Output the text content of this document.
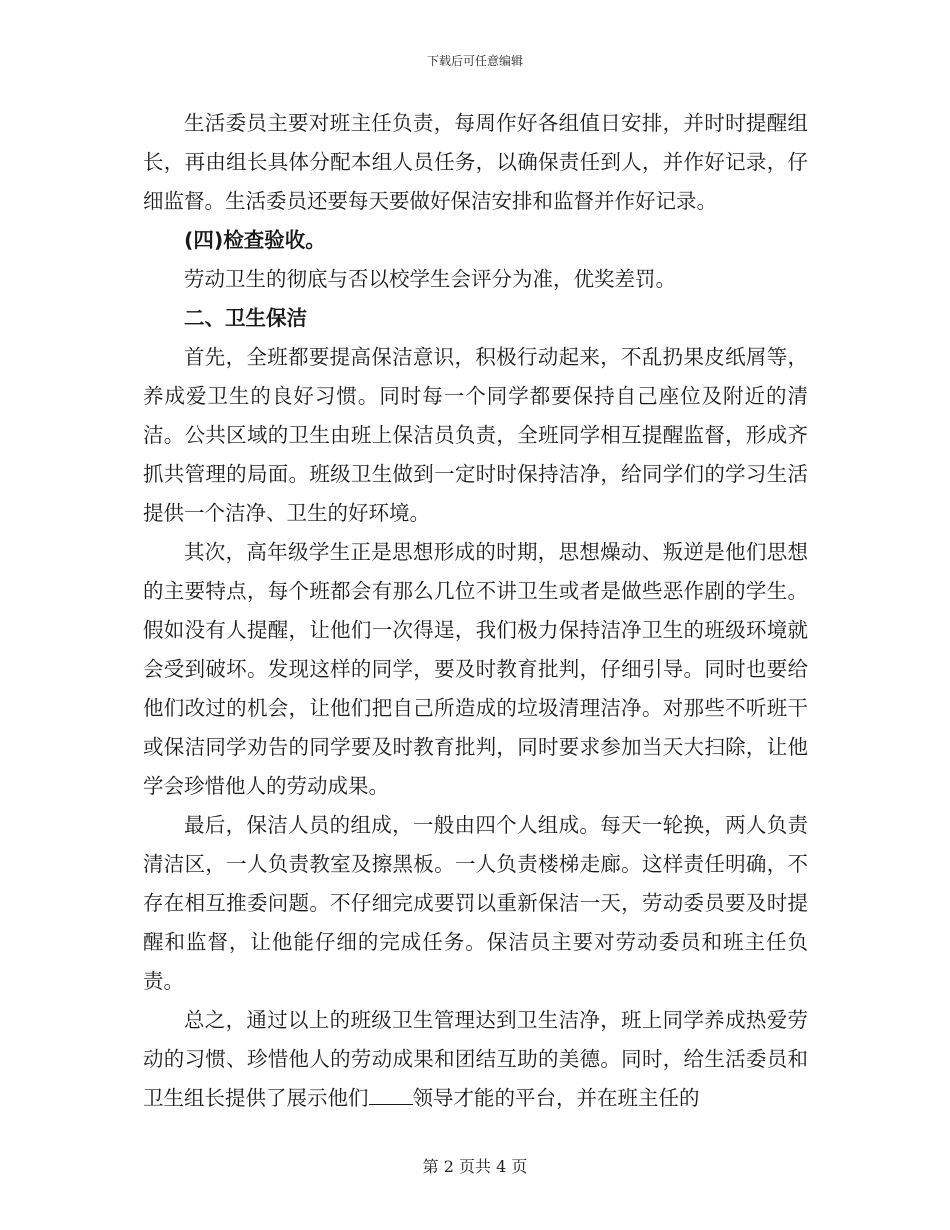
下载后可任意编辑

生活委员主要对班主任负责，每周作好各组值日安排，并时时提醒组长，再由组长具体分配本组人员任务，以确保责任到人，并作好记录，仔细监督。生活委员还要每天要做好保洁安排和监督并作好记录。

(四)检查验收。

劳动卫生的彻底与否以校学生会评分为准，优奖差罚。

二、卫生保洁

首先，全班都要提高保洁意识，积极行动起来，不乱扔果皮纸屑等，养成爱卫生的良好习惯。同时每一个同学都要保持自己座位及附近的清洁。公共区域的卫生由班上保洁员负责，全班同学相互提醒监督，形成齐抓共管理的局面。班级卫生做到一定时时保持洁净，给同学们的学习生活提供一个洁净、卫生的好环境。

其次，高年级学生正是思想形成的时期，思想燥动、叛逆是他们思想的主要特点，每个班都会有那么几位不讲卫生或者是做些恶作剧的学生。假如没有人提醒，让他们一次得逞，我们极力保持洁净卫生的班级环境就会受到破坏。发现这样的同学，要及时教育批判，仔细引导。同时也要给他们改过的机会，让他们把自己所造成的垃圾清理洁净。对那些不听班干或保洁同学劝告的同学要及时教育批判，同时要求参加当天大扫除，让他学会珍惜他人的劳动成果。

最后，保洁人员的组成，一般由四个人组成。每天一轮换，两人负责清洁区，一人负责教室及擦黑板。一人负责楼梯走廊。这样责任明确，不存在相互推委问题。不仔细完成要罚以重新保洁一天，劳动委员要及时提醒和监督，让他能仔细的完成任务。保洁员主要对劳动委员和班主任负责。

总之，通过以上的班级卫生管理达到卫生洁净，班上同学养成热爱劳动的习惯、珍惜他人的劳动成果和团结互助的美德。同时，给生活委员和卫生组长提供了展示他们 领导才能的平台，并在班主任的

第 2 页共 4 页
